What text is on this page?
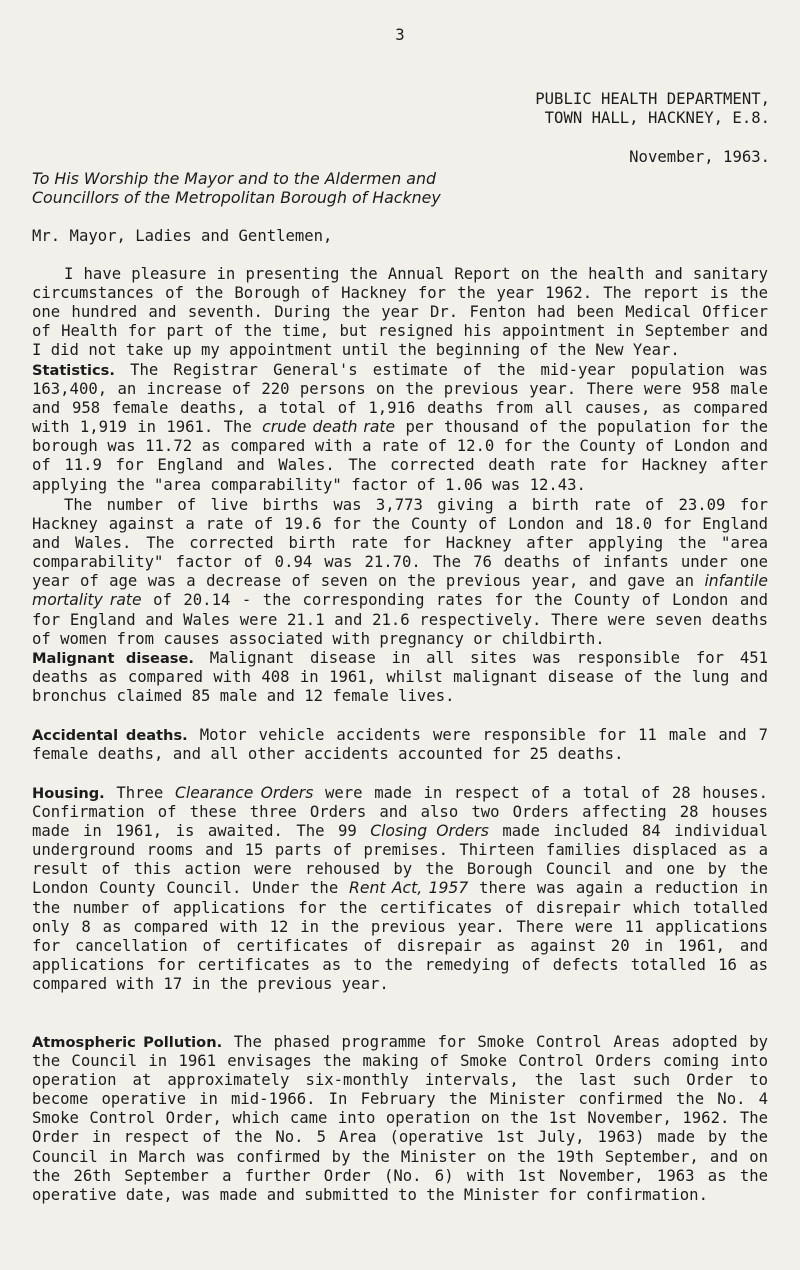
3
PUBLIC HEALTH DEPARTMENT,
TOWN HALL, HACKNEY, E.8.
November, 1963.
To His Worship the Mayor and to the Aldermen and
Councillors of the Metropolitan Borough of Hackney
Mr. Mayor, Ladies and Gentlemen,

I have pleasure in presenting the Annual Report on the health and sanitary circumstances of the Borough of Hackney for the year 1962. The report is the one hundred and seventh. During the year Dr. Fenton had been Medical Officer of Health for part of the time, but resigned his appointment in September and I did not take up my appointment until the beginning of the New Year.

Statistics. The Registrar General's estimate of the mid-year population was 163,400, an increase of 220 persons on the previous year. There were 958 male and 958 female deaths, a total of 1,916 deaths from all causes, as compared with 1,919 in 1961. The crude death rate per thousand of the population for the borough was 11.72 as compared with a rate of 12.0 for the County of London and of 11.9 for England and Wales. The corrected death rate for Hackney after applying the "area comparability" factor of 1.06 was 12.43.

The number of live births was 3,773 giving a birth rate of 23.09 for Hackney against a rate of 19.6 for the County of London and 18.0 for England and Wales. The corrected birth rate for Hackney after applying the "area comparability" factor of 0.94 was 21.70. The 76 deaths of infants under one year of age was a decrease of seven on the previous year, and gave an infantile mortality rate of 20.14 - the corresponding rates for the County of London and for England and Wales were 21.1 and 21.6 respectively. There were seven deaths of women from causes associated with pregnancy or childbirth.

Malignant disease. Malignant disease in all sites was responsible for 451 deaths as compared with 408 in 1961, whilst malignant disease of the lung and bronchus claimed 85 male and 12 female lives.

Accidental deaths. Motor vehicle accidents were responsible for 11 male and 7 female deaths, and all other accidents accounted for 25 deaths.

Housing. Three Clearance Orders were made in respect of a total of 28 houses. Confirmation of these three Orders and also two Orders affecting 28 houses made in 1961, is awaited. The 99 Closing Orders made included 84 individual underground rooms and 15 parts of premises. Thirteen families displaced as a result of this action were rehoused by the Borough Council and one by the London County Council. Under the Rent Act, 1957 there was again a reduction in the number of applications for the certificates of disrepair which totalled only 8 as compared with 12 in the previous year. There were 11 applications for cancellation of certificates of disrepair as against 20 in 1961, and applications for certificates as to the remedying of defects totalled 16 as compared with 17 in the previous year.

Atmospheric Pollution. The phased programme for Smoke Control Areas adopted by the Council in 1961 envisages the making of Smoke Control Orders coming into operation at approximately six-monthly intervals, the last such Order to become operative in mid-1966. In February the Minister confirmed the No. 4 Smoke Control Order, which came into operation on the 1st November, 1962. The Order in respect of the No. 5 Area (operative 1st July, 1963) made by the Council in March was confirmed by the Minister on the 19th September, and on the 26th September a further Order (No. 6) with 1st November, 1963 as the operative date, was made and submitted to the Minister for confirmation.
